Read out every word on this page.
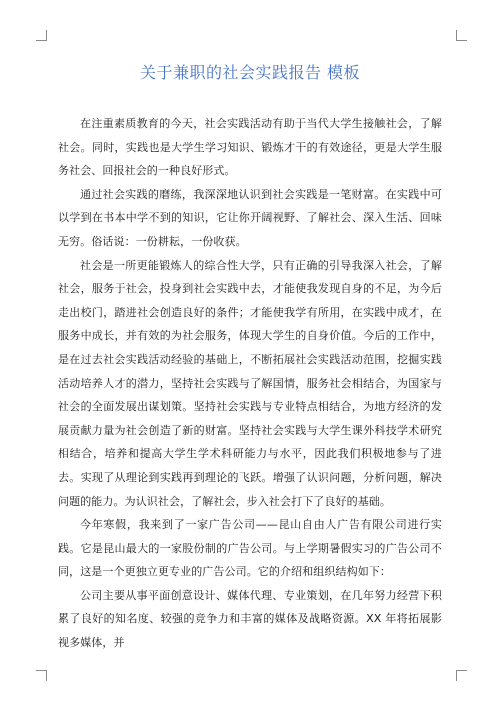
关于兼职的社会实践报告 模板

在注重素质教育的今天，社会实践活动有助于当代大学生接触社会，了解社会。同时，实践也是大学生学习知识、锻炼才干的有效途径，更是大学生服务社会、回报社会的一种良好形式。

通过社会实践的磨练，我深深地认识到社会实践是一笔财富。在实践中可以学到在书本中学不到的知识，它让你开阔视野、了解社会、深入生活、回味无穷。俗话说：一份耕耘，一份收获。

社会是一所更能锻炼人的综合性大学，只有正确的引导我深入社会，了解社会，服务于社会，投身到社会实践中去，才能使我发现自身的不足，为今后走出校门，踏进社会创造良好的条件；才能使我学有所用，在实践中成才，在服务中成长，并有效的为社会服务，体现大学生的自身价值。今后的工作中，是在过去社会实践活动经验的基础上，不断拓展社会实践活动范围，挖掘实践活动培养人才的潜力，坚持社会实践与了解国情，服务社会相结合，为国家与社会的全面发展出谋划策。坚持社会实践与专业特点相结合，为地方经济的发展贡献力量为社会创造了新的财富。坚持社会实践与大学生课外科技学术研究相结合，培养和提高大学生学术科研能力与水平，因此我们积极地参与了进去。实现了从理论到实践再到理论的飞跃。增强了认识问题，分析问题，解决问题的能力。为认识社会，了解社会，步入社会打下了良好的基础。

今年寒假，我来到了一家广告公司——昆山自由人广告有限公司进行实践。它是昆山最大的一家股份制的广告公司。与上学期暑假实习的广告公司不同，这是一个更独立更专业的广告公司。它的介绍和组织结构如下：

公司主要从事平面创意设计、媒体代理、专业策划，在几年努力经营下积累了良好的知名度、较强的竞争力和丰富的媒体及战略资源。XX 年将拓展影视多媒体，并
